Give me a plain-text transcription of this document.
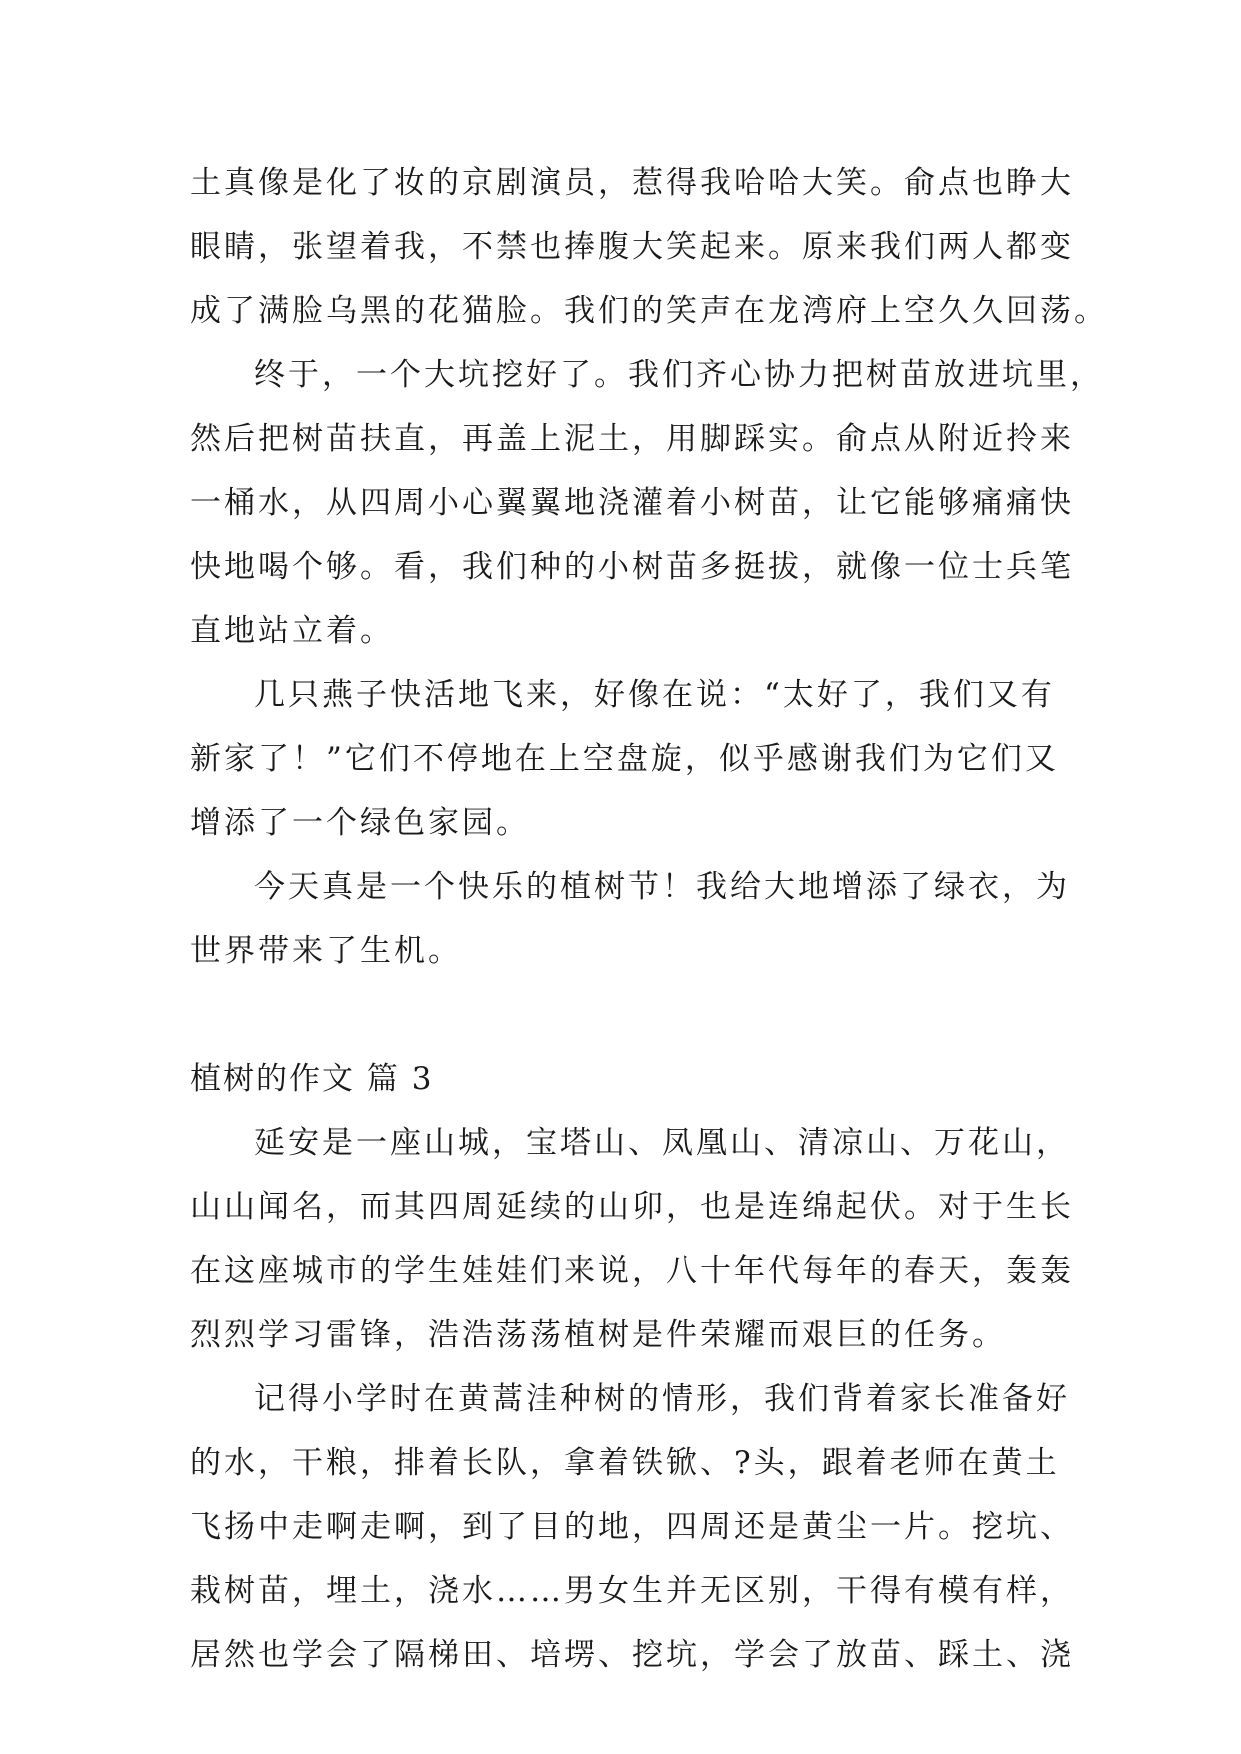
土真像是化了妆的京剧演员，惹得我哈哈大笑。俞点也睁大
眼睛，张望着我，不禁也捧腹大笑起来。原来我们两人都变
成了满脸乌黑的花猫脸。我们的笑声在龙湾府上空久久回荡。
终于，一个大坑挖好了。我们齐心协力把树苗放进坑里，
然后把树苗扶直，再盖上泥土，用脚踩实。俞点从附近拎来
一桶水，从四周小心翼翼地浇灌着小树苗，让它能够痛痛快
快地喝个够。看，我们种的小树苗多挺拔，就像一位士兵笔
直地站立着。
几只燕子快活地飞来，好像在说：“太好了，我们又有
新家了！”它们不停地在上空盘旋，似乎感谢我们为它们又
增添了一个绿色家园。
今天真是一个快乐的植树节！我给大地增添了绿衣，为
世界带来了生机。
植树的作文 篇 3
延安是一座山城，宝塔山、凤凰山、清凉山、万花山，
山山闻名，而其四周延续的山卯，也是连绵起伏。对于生长
在这座城市的学生娃娃们来说，八十年代每年的春天，轰轰
烈烈学习雷锋，浩浩荡荡植树是件荣耀而艰巨的任务。
记得小学时在黄蒿洼种树的情形，我们背着家长准备好
的水，干粮，排着长队，拿着铁锨、?头，跟着老师在黄土
飞扬中走啊走啊，到了目的地，四周还是黄尘一片。挖坑、
栽树苗，埋土，浇水……男女生并无区别，干得有模有样，
居然也学会了隔梯田、培塄、挖坑，学会了放苗、踩土、浇
